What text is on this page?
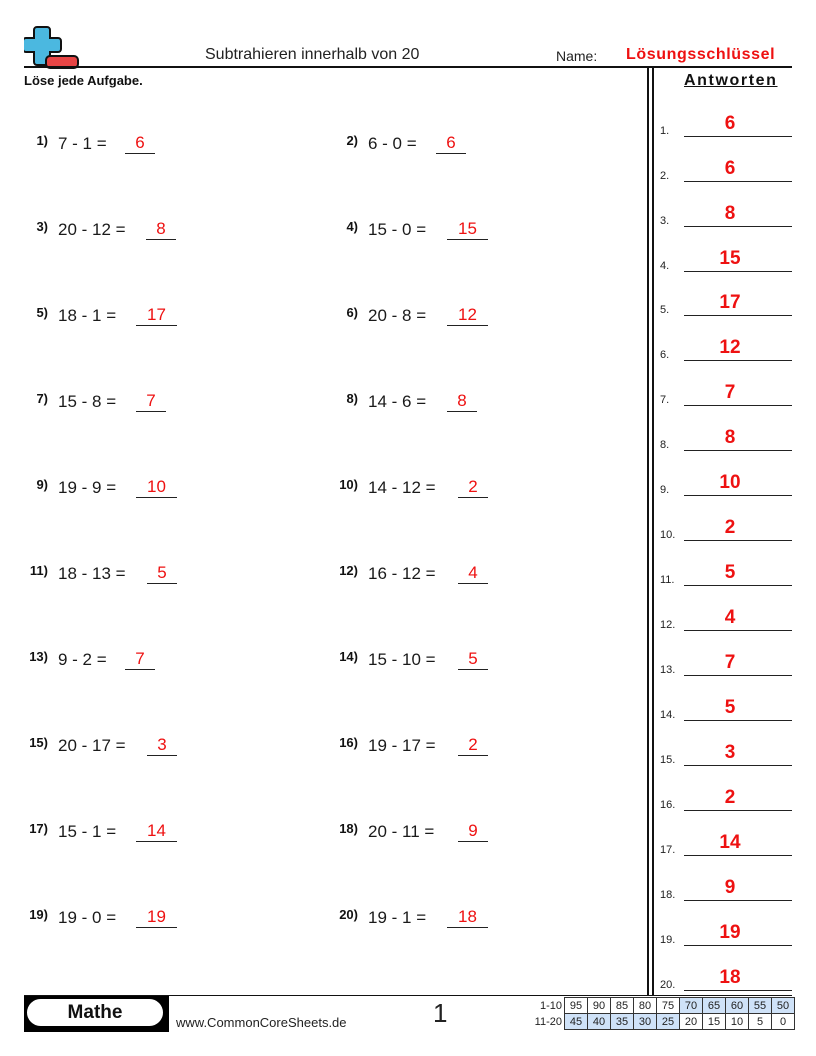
Subtrahieren innerhalb von 20	Name: Lösungsschlüssel
Löse jede Aufgabe.	Antworten
1) 7 - 1 =	6	2) 6 - 0 =	6
3) 20 - 12 =	8	4) 15 - 0 =	15
5) 18 - 1 =	17	6) 20 - 8 =	12
7) 15 - 8 =	7	8) 14 - 6 =	8
9) 19 - 9 =	10	10) 14 - 12 =	2
11) 18 - 13 =	5	12) 16 - 12 =	4
13) 9 - 2 =	7	14) 15 - 10 =	5
15) 20 - 17 =	3	16) 19 - 17 =	2
17) 15 - 1 =	14	18) 20 - 11 =	9
19) 19 - 0 =	19	20) 19 - 1 =	18
1.	6
2.	6
3.	8
4.	15
5.	17
6.	12
7.	7
8.	8
9.	10
10.	2
11.	5
12.	4
13.	7
14.	5
15.	3
16.	2
17.	14
18.	9
19.	19
20.	18
Mathe	www.CommonCoreSheets.de	1	1-10	95	90	85	80	75	70	65	60	55	50
11-20	45	40	35	30	25	20	15	10	5	0
